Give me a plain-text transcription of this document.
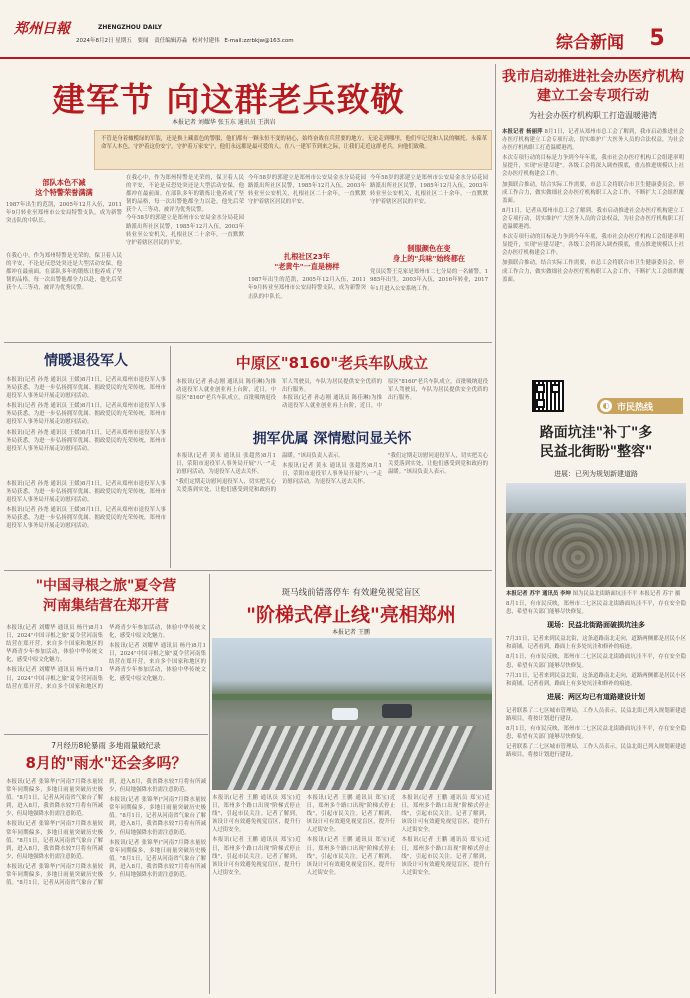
郑州日報	ZHENGZHOU DAILY
2024年8月2日 星期五 要闻 责任编辑苏淼 校对付建伟 E-mail:zzrbkjw@163.com	综合新闻	5
建军节 向这群老兵致敬
本报记者 刘耀华 张玉东 通讯员 王洪岩
不管是身着橄榄绿的军装，还是换上藏蓝色的警服，他们都有一颗永恒不变的初心，始终奋战在兵营要的地方。无论走到哪里，他们牢记党和人民的嘱托，永葆革命军人本色，守护着这份安宁，守护着万家安宁，他们永远都是最可爱的人。在八一建军节到来之际，让我们走近这群老兵，向他们致敬。
部队本色不减
这个特警荣誉满满
1987年出生的范凯，2005年12月入伍，2011年9月转业至郑州市公安局特警支队，成为新警突击队的中队长。
在我心中，作为郑州特警是光荣的，保卫着人民的平安，不论是反恐处突还是大型活动安保，他都冲在最前面。在部队多年的锻炼让他养成了坚韧的品格，每一次出警他都全力以赴，他先后荣获个人三等功，被评为优秀民警。
在我心中，作为郑州特警是光荣的，保卫着人民的平安，不论是反恐处突还是大型活动安保，他都冲在最前面。在部队多年的锻炼让他养成了坚韧的品格，每一次出警他都全力以赴，他先后荣获个人三等功，被评为优秀民警。
今年58岁的郭建立是郑州市公安局金水分局花园路派出所社区民警，1985年12月入伍，2003年转业至公安机关，扎根社区二十余年，一直默默守护着辖区居民的平安。
今年58岁的郭建立是郑州市公安局金水分局花园路派出所社区民警，1985年12月入伍，2003年转业至公安机关，扎根社区二十余年，一直默默守护着辖区居民的平安。
扎根社区23年
"老黄牛"一直是榜样
1987年出生的范凯，2005年12月入伍，2011年9月转业至郑州市公安局特警支队，成为新警突击队的中队长。
今年58岁的郭建立是郑州市公安局金水分局花园路派出所社区民警，1985年12月入伍，2003年转业至公安机关，扎根社区二十余年，一直默默守护着辖区居民的平安。
制服颜色在变
身上的"兵味"始终都在
党员民警王克家是郑州市二七分局的一名辅警，1985年出生，2003年入伍，2016年转业，2017年1月进入公安系统工作。
我市启动推进社会办医疗机构建立工会专项行动
为社会办医疗机构职工打造温暖港湾
本报记者 杨丽萍 8月1日，记者从郑州市总工会了解到，我市启动推进社会办医疗机构建立工会专项行动，切实维护广大医务人员的合法权益，为社会办医疗机构职工打造温暖港湾。
本次专项行动的目标是力争到今年年底，我市社会办医疗机构工会组建率明显提升，实现"应建尽建"。各级工会将深入调查摸底，重点推进规模以上社会办医疗机构建会工作。
加强联合推动，结合实际工作需要，市总工会将联合市卫生健康委员会，形成工作合力，做实做细社会办医疗机构职工入会工作，不断扩大工会组织覆盖面。
8月1日，记者从郑州市总工会了解到，我市启动推进社会办医疗机构建立工会专项行动，切实维护广大医务人员的合法权益，为社会办医疗机构职工打造温暖港湾。
本次专项行动的目标是力争到今年年底，我市社会办医疗机构工会组建率明显提升，实现"应建尽建"。各级工会将深入调查摸底，重点推进规模以上社会办医疗机构建会工作。
加强联合推动，结合实际工作需要，市总工会将联合市卫生健康委员会，形成工作合力，做实做细社会办医疗机构职工入会工作，不断扩大工会组织覆盖面。
◐ 市民热线
路面坑洼"补丁"多
民益北街盼"整容"
进展：已列为规划新建道路
本报记者 苏宇 通讯员 李坤 图为民益北街路面坑洼不平 本报记者 苏宇 摄
8月1日，有市民反映，郑州市二七区民益北街路面坑洼不平，存在安全隐患，希望有关部门能够尽快修复。
现场：民益北街路面破损坑洼多
7月31日，记者来到民益北街，这条道路南北走向，道路两侧都是居民小区和商铺。记者看到，路面上有多处坑洼和修补的痕迹。
8月1日，有市民反映，郑州市二七区民益北街路面坑洼不平，存在安全隐患，希望有关部门能够尽快修复。
7月31日，记者来到民益北街，这条道路南北走向，道路两侧都是居民小区和商铺。记者看到，路面上有多处坑洼和修补的痕迹。
进展：两区均已有道路建设计划
记者联系了二七区城市管理局，工作人员表示，民益北街已列入规划新建道路项目，将按计划进行建设。
8月1日，有市民反映，郑州市二七区民益北街路面坑洼不平，存在安全隐患，希望有关部门能够尽快修复。
记者联系了二七区城市管理局，工作人员表示，民益北街已列入规划新建道路项目，将按计划进行建设。
情暖退役军人
本报讯(记者 孙尧 通讯员 王媛)8月1日，记者从郑州市退役军人事务局获悉，为进一步弘扬拥军优属、拥政爱民的光荣传统，郑州市退役军人事务局开展走访慰问活动。
本报讯(记者 孙尧 通讯员 王媛)8月1日，记者从郑州市退役军人事务局获悉，为进一步弘扬拥军优属、拥政爱民的光荣传统，郑州市退役军人事务局开展走访慰问活动。
本报讯(记者 孙尧 通讯员 王媛)8月1日，记者从郑州市退役军人事务局获悉，为进一步弘扬拥军优属、拥政爱民的光荣传统，郑州市退役军人事务局开展走访慰问活动。
中原区"8160"老兵车队成立
本报讯(记者 孙志刚 通讯员 陈佳琳)为推动退役军人就业创业再上台阶，近日，中原区"8160"老兵车队成立，首批吸纳退役军人驾驶员，车队为居民提供安全优质的出行服务。
本报讯(记者 孙志刚 通讯员 陈佳琳)为推动退役军人就业创业再上台阶，近日，中原区"8160"老兵车队成立，首批吸纳退役军人驾驶员，车队为居民提供安全优质的出行服务。
拥军优属 深情慰问显关怀
本报讯(记者 黄永 通讯员 张超然)8月1日，荥阳市退役军人事务局开展"八一"走访慰问活动，为退役军人送去关怀。
"我们定期走访慰问退役军人，切实把关心关爱落到实处，让他们感受到党和政府的温暖。"该局负责人表示。
本报讯(记者 黄永 通讯员 张超然)8月1日，荥阳市退役军人事务局开展"八一"走访慰问活动，为退役军人送去关怀。
"我们定期走访慰问退役军人，切实把关心关爱落到实处，让他们感受到党和政府的温暖。"该局负责人表示。
本报讯(记者 孙尧 通讯员 王媛)8月1日，记者从郑州市退役军人事务局获悉，为进一步弘扬拥军优属、拥政爱民的光荣传统，郑州市退役军人事务局开展走访慰问活动。
本报讯(记者 孙尧 通讯员 王媛)8月1日，记者从郑州市退役军人事务局获悉，为进一步弘扬拥军优属、拥政爱民的光荣传统，郑州市退役军人事务局开展走访慰问活动。
"中国寻根之旅"夏令营
河南集结营在郑开营
本报讯(记者 刘耀华 通讯员 杨丹)8月1日，2024"中国寻根之旅"夏令营河南集结营在郑开营，来自多个国家和地区的华裔青少年参加活动，体验中华传统文化，感受中原文化魅力。
本报讯(记者 刘耀华 通讯员 杨丹)8月1日，2024"中国寻根之旅"夏令营河南集结营在郑开营，来自多个国家和地区的华裔青少年参加活动，体验中华传统文化，感受中原文化魅力。
本报讯(记者 刘耀华 通讯员 杨丹)8月1日，2024"中国寻根之旅"夏令营河南集结营在郑开营，来自多个国家和地区的华裔青少年参加活动，体验中华传统文化，感受中原文化魅力。
7月经历8轮暴雨 多地雨量破纪录
8月的"雨水"还会多吗？
本报讯(记者 张锦华)"河南7月降水量较常年同期偏多，多地日雨量突破历史极值。"8月1日，记者从河南省气象台了解到，进入8月，我省降水较7月将有所减少，但局地强降水仍需注意防范。
本报讯(记者 张锦华)"河南7月降水量较常年同期偏多，多地日雨量突破历史极值。"8月1日，记者从河南省气象台了解到，进入8月，我省降水较7月将有所减少，但局地强降水仍需注意防范。
本报讯(记者 张锦华)"河南7月降水量较常年同期偏多，多地日雨量突破历史极值。"8月1日，记者从河南省气象台了解到，进入8月，我省降水较7月将有所减少，但局地强降水仍需注意防范。
本报讯(记者 张锦华)"河南7月降水量较常年同期偏多，多地日雨量突破历史极值。"8月1日，记者从河南省气象台了解到，进入8月，我省降水较7月将有所减少，但局地强降水仍需注意防范。
本报讯(记者 张锦华)"河南7月降水量较常年同期偏多，多地日雨量突破历史极值。"8月1日，记者从河南省气象台了解到，进入8月，我省降水较7月将有所减少，但局地强降水仍需注意防范。
斑马线前错落停车 有效避免视觉盲区
"阶梯式停止线"亮相郑州
本报记者 王鹏
本报讯(记者 王鹏 通讯员 郑宝)近日，郑州多个路口出现"阶梯式停止线"，引起市民关注。记者了解到，该设计可有效避免视觉盲区，提升行人过街安全。
本报讯(记者 王鹏 通讯员 郑宝)近日，郑州多个路口出现"阶梯式停止线"，引起市民关注。记者了解到，该设计可有效避免视觉盲区，提升行人过街安全。
本报讯(记者 王鹏 通讯员 郑宝)近日，郑州多个路口出现"阶梯式停止线"，引起市民关注。记者了解到，该设计可有效避免视觉盲区，提升行人过街安全。
本报讯(记者 王鹏 通讯员 郑宝)近日，郑州多个路口出现"阶梯式停止线"，引起市民关注。记者了解到，该设计可有效避免视觉盲区，提升行人过街安全。
本报讯(记者 王鹏 通讯员 郑宝)近日，郑州多个路口出现"阶梯式停止线"，引起市民关注。记者了解到，该设计可有效避免视觉盲区，提升行人过街安全。
本报讯(记者 王鹏 通讯员 郑宝)近日，郑州多个路口出现"阶梯式停止线"，引起市民关注。记者了解到，该设计可有效避免视觉盲区，提升行人过街安全。
